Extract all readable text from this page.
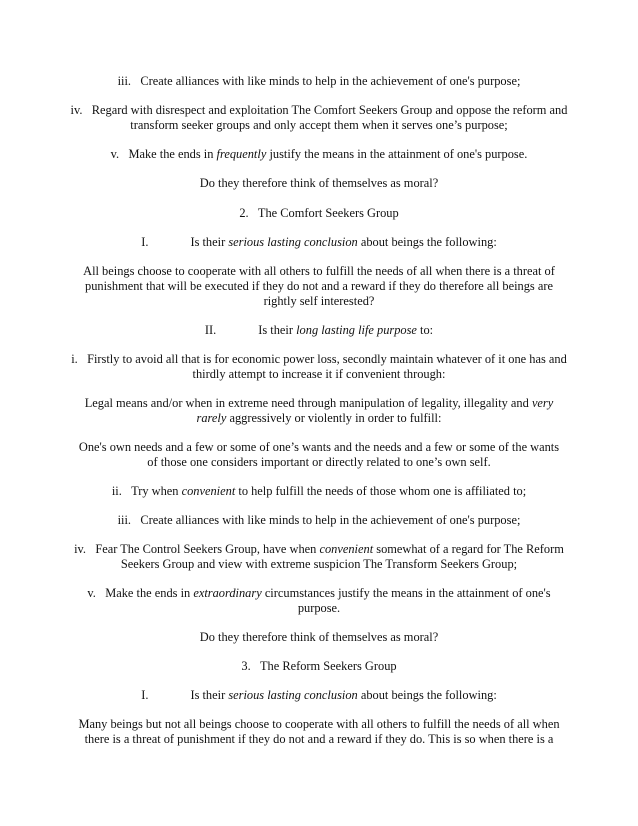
iii. Create alliances with like minds to help in the achievement of one's purpose;
iv. Regard with disrespect and exploitation The Comfort Seekers Group and oppose the reform and
transform seeker groups and only accept them when it serves one’s purpose;
v. Make the ends in frequently justify the means in the attainment of one's purpose.
Do they therefore think of themselves as moral?
2. The Comfort Seekers Group
I.	Is their serious lasting conclusion about beings the following:
All beings choose to cooperate with all others to fulfill the needs of all when there is a threat of
punishment that will be executed if they do not and a reward if they do therefore all beings are
rightly self interested?
II.	Is their long lasting life purpose to:
i. Firstly to avoid all that is for economic power loss, secondly maintain whatever of it one has and
thirdly attempt to increase it if convenient through:
Legal means and/or when in extreme need through manipulation of legality, illegality and very
rarely aggressively or violently in order to fulfill:
One's own needs and a few or some of one’s wants and the needs and a few or some of the wants
of those one considers important or directly related to one’s own self.
ii. Try when convenient to help fulfill the needs of those whom one is affiliated to;
iii. Create alliances with like minds to help in the achievement of one's purpose;
iv. Fear The Control Seekers Group, have when convenient somewhat of a regard for The Reform
Seekers Group and view with extreme suspicion The Transform Seekers Group;
v. Make the ends in extraordinary circumstances justify the means in the attainment of one's
purpose.
Do they therefore think of themselves as moral?
3. The Reform Seekers Group
I.	Is their serious lasting conclusion about beings the following:
Many beings but not all beings choose to cooperate with all others to fulfill the needs of all when
there is a threat of punishment if they do not and a reward if they do. This is so when there is a
